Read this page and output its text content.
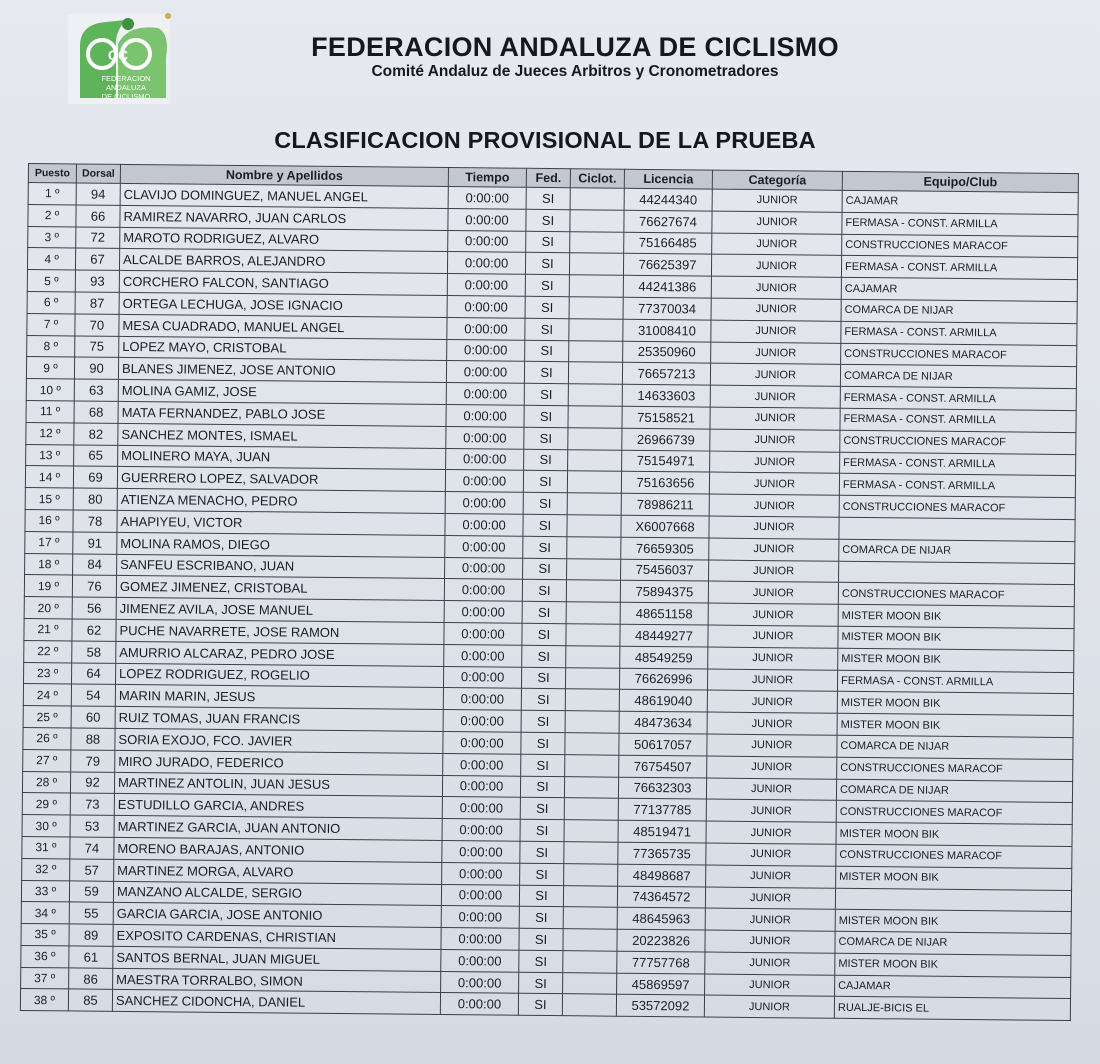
CC
FEDERACION
ANDALUZA
DE CICLISMO
FEDERACION ANDALUZA DE CICLISMO
Comité Andaluz de Jueces Arbitros y Cronometradores
CLASIFICACION PROVISIONAL DE LA PRUEBA
Puesto	Dorsal	Nombre y Apellidos	Tiempo	Fed.	Ciclot.	Licencia	Categoría	Equipo/Club
1 º	94	CLAVIJO DOMINGUEZ, MANUEL ANGEL	0:00:00	SI		44244340	JUNIOR	CAJAMAR
2 º	66	RAMIREZ NAVARRO, JUAN CARLOS	0:00:00	SI		76627674	JUNIOR	FERMASA - CONST. ARMILLA
3 º	72	MAROTO RODRIGUEZ, ALVARO	0:00:00	SI		75166485	JUNIOR	CONSTRUCCIONES MARACOF
4 º	67	ALCALDE BARROS, ALEJANDRO	0:00:00	SI		76625397	JUNIOR	FERMASA - CONST. ARMILLA
5 º	93	CORCHERO FALCON, SANTIAGO	0:00:00	SI		44241386	JUNIOR	CAJAMAR
6 º	87	ORTEGA LECHUGA, JOSE IGNACIO	0:00:00	SI		77370034	JUNIOR	COMARCA DE NIJAR
7 º	70	MESA CUADRADO, MANUEL ANGEL	0:00:00	SI		31008410	JUNIOR	FERMASA - CONST. ARMILLA
8 º	75	LOPEZ MAYO, CRISTOBAL	0:00:00	SI		25350960	JUNIOR	CONSTRUCCIONES MARACOF
9 º	90	BLANES JIMENEZ, JOSE ANTONIO	0:00:00	SI		76657213	JUNIOR	COMARCA DE NIJAR
10 º	63	MOLINA GAMIZ, JOSE	0:00:00	SI		14633603	JUNIOR	FERMASA - CONST. ARMILLA
11 º	68	MATA FERNANDEZ, PABLO JOSE	0:00:00	SI		75158521	JUNIOR	FERMASA - CONST. ARMILLA
12 º	82	SANCHEZ MONTES, ISMAEL	0:00:00	SI		26966739	JUNIOR	CONSTRUCCIONES MARACOF
13 º	65	MOLINERO MAYA, JUAN	0:00:00	SI		75154971	JUNIOR	FERMASA - CONST. ARMILLA
14 º	69	GUERRERO LOPEZ, SALVADOR	0:00:00	SI		75163656	JUNIOR	FERMASA - CONST. ARMILLA
15 º	80	ATIENZA MENACHO, PEDRO	0:00:00	SI		78986211	JUNIOR	CONSTRUCCIONES MARACOF
16 º	78	AHAPIYEU, VICTOR	0:00:00	SI		X6007668	JUNIOR	
17 º	91	MOLINA RAMOS, DIEGO	0:00:00	SI		76659305	JUNIOR	COMARCA DE NIJAR
18 º	84	SANFEU ESCRIBANO, JUAN	0:00:00	SI		75456037	JUNIOR	
19 º	76	GOMEZ JIMENEZ, CRISTOBAL	0:00:00	SI		75894375	JUNIOR	CONSTRUCCIONES MARACOF
20 º	56	JIMENEZ AVILA, JOSE MANUEL	0:00:00	SI		48651158	JUNIOR	MISTER MOON BIK
21 º	62	PUCHE NAVARRETE, JOSE RAMON	0:00:00	SI		48449277	JUNIOR	MISTER MOON BIK
22 º	58	AMURRIO ALCARAZ, PEDRO JOSE	0:00:00	SI		48549259	JUNIOR	MISTER MOON BIK
23 º	64	LOPEZ RODRIGUEZ, ROGELIO	0:00:00	SI		76626996	JUNIOR	FERMASA - CONST. ARMILLA
24 º	54	MARIN MARIN, JESUS	0:00:00	SI		48619040	JUNIOR	MISTER MOON BIK
25 º	60	RUIZ TOMAS, JUAN FRANCIS	0:00:00	SI		48473634	JUNIOR	MISTER MOON BIK
26 º	88	SORIA EXOJO, FCO. JAVIER	0:00:00	SI		50617057	JUNIOR	COMARCA DE NIJAR
27 º	79	MIRO JURADO, FEDERICO	0:00:00	SI		76754507	JUNIOR	CONSTRUCCIONES MARACOF
28 º	92	MARTINEZ ANTOLIN, JUAN JESUS	0:00:00	SI		76632303	JUNIOR	COMARCA DE NIJAR
29 º	73	ESTUDILLO GARCIA, ANDRES	0:00:00	SI		77137785	JUNIOR	CONSTRUCCIONES MARACOF
30 º	53	MARTINEZ GARCIA, JUAN ANTONIO	0:00:00	SI		48519471	JUNIOR	MISTER MOON BIK
31 º	74	MORENO BARAJAS, ANTONIO	0:00:00	SI		77365735	JUNIOR	CONSTRUCCIONES MARACOF
32 º	57	MARTINEZ MORGA, ALVARO	0:00:00	SI		48498687	JUNIOR	MISTER MOON BIK
33 º	59	MANZANO ALCALDE, SERGIO	0:00:00	SI		74364572	JUNIOR	
34 º	55	GARCIA GARCIA, JOSE ANTONIO	0:00:00	SI		48645963	JUNIOR	MISTER MOON BIK
35 º	89	EXPOSITO CARDENAS, CHRISTIAN	0:00:00	SI		20223826	JUNIOR	COMARCA DE NIJAR
36 º	61	SANTOS BERNAL, JUAN MIGUEL	0:00:00	SI		77757768	JUNIOR	MISTER MOON BIK
37 º	86	MAESTRA TORRALBO, SIMON	0:00:00	SI		45869597	JUNIOR	CAJAMAR
38 º	85	SANCHEZ CIDONCHA, DANIEL	0:00:00	SI		53572092	JUNIOR	RUALJE-BICIS EL
